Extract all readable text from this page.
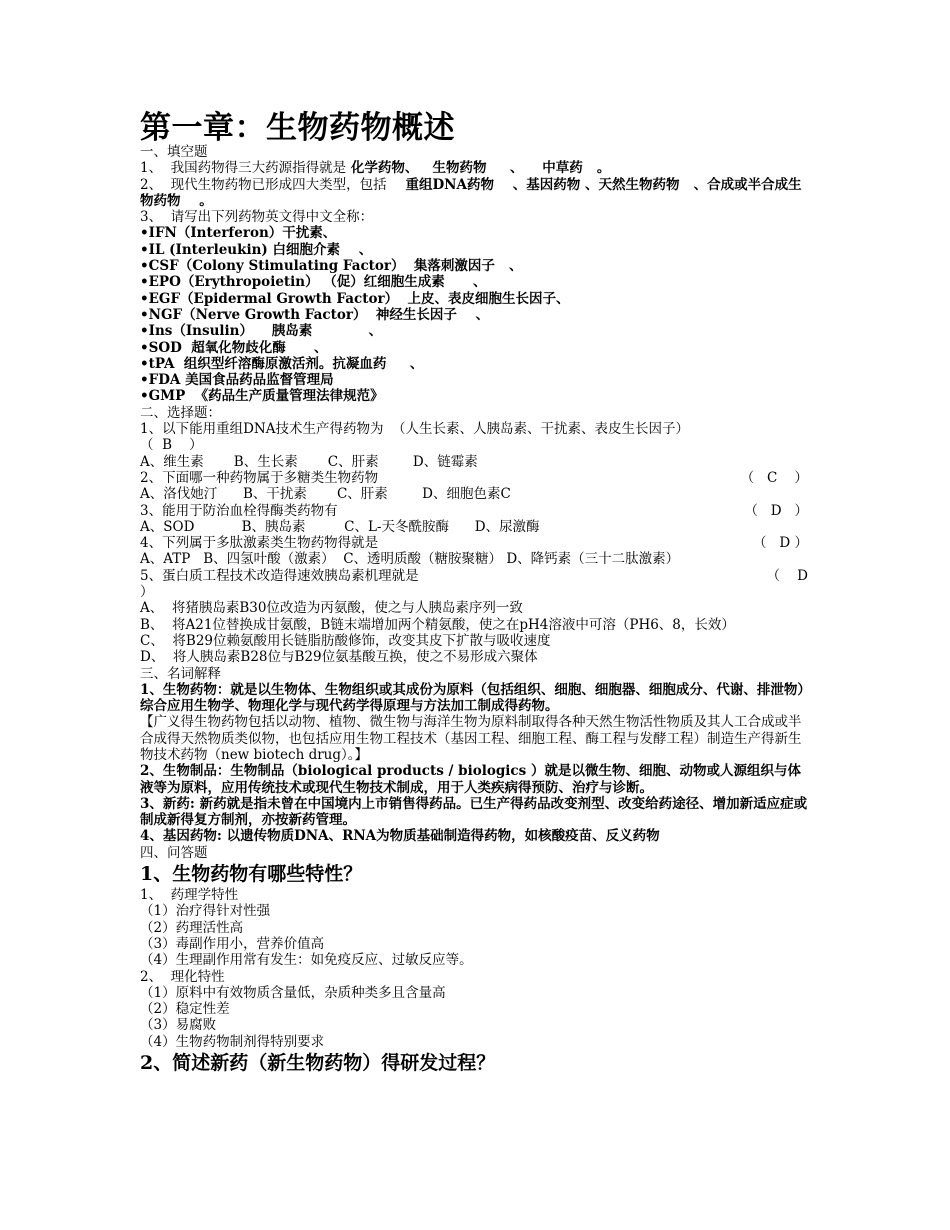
第一章：生物药物概述
一、填空题
1、  我国药物得三大药源指得就是 化学药物、   生物药物     、    中草药   。
2、  现代生物药物已形成四大类型，包括    重组DNA药物    、基因药物 、天然生物药物   、合成或半合成生物药物    。
3、  请写出下列药物英文得中文全称：
•IFN（Interferon）干扰素、
•IL (Interleukin) 白细胞介素    、
•CSF（Colony Stimulating Factor）  集落刺激因子   、
•EPO（Erythropoietin） （促）红细胞生成素      、
•EGF（Epidermal Growth Factor）  上皮、表皮细胞生长因子、
•NGF（Nerve Growth Factor）  神经生长因子    、
•Ins（Insulin）    胰岛素            、
•SOD  超氧化物歧化酶      、
•tPA  组织型纤溶酶原激活剂。抗凝血药     、
•FDA 美国食品药品监督管理局
•GMP  《药品生产质量管理法律规范》
二、选择题：
1、以下能用重组DNA技术生产得药物为  （人生长素、人胰岛素、干扰素、表皮生长因子）
（  B    ）
A、维生素       B、生长素       C、肝素        D、链霉素
2、下面哪一种药物属于多糖类生物药物	（   C    ）
A、洛伐她汀      B、干扰素       C、肝素        D、细胞色素C
3、能用于防治血栓得酶类药物有	（   D   ）
A、SOD           B、胰岛素         C、L-天冬酰胺酶      D、尿激酶
4、下列属于多肽激素类生物药物得就是	（   D ）
A、ATP   B、四氢叶酸（激素）  C、透明质酸（糖胺聚糖） D、降钙素（三十二肽激素）
5、蛋白质工程技术改造得速效胰岛素机理就是	（    D
）
A、  将猪胰岛素B30位改造为丙氨酸，使之与人胰岛素序列一致
B、  将A21位替换成甘氨酸，B链末端增加两个精氨酸，使之在pH4溶液中可溶（PH6、8，长效）
C、  将B29位赖氨酸用长链脂肪酸修饰，改变其皮下扩散与吸收速度
D、  将人胰岛素B28位与B29位氨基酸互换，使之不易形成六聚体
三、名词解释
1、生物药物：就是以生物体、生物组织或其成份为原料（包括组织、细胞、细胞器、细胞成分、代谢、排泄物）综合应用生物学、物理化学与现代药学得原理与方法加工制成得药物。
【广义得生物药物包括以动物、植物、微生物与海洋生物为原料制取得各种天然生物活性物质及其人工合成或半合成得天然物质类似物，也包括应用生物工程技术（基因工程、细胞工程、酶工程与发酵工程）制造生产得新生物技术药物（new biotech drug）。】
2、生物制品：生物制品（biological products / biologics ）就是以微生物、细胞、动物或人源组织与体液等为原料，应用传统技术或现代生物技术制成，用于人类疾病得预防、治疗与诊断。
3、新药: 新药就是指未曾在中国境内上市销售得药品。已生产得药品改变剂型、改变给药途径、增加新适应症或制成新得复方制剂，亦按新药管理。
4、基因药物: 以遗传物质DNA、RNA为物质基础制造得药物，如核酸疫苗、反义药物
四、问答题
1、生物药物有哪些特性？
1、  药理学特性
（1）治疗得针对性强
（2）药理活性高
（3）毒副作用小，营养价值高
（4）生理副作用常有发生：如免疫反应、过敏反应等。
2、  理化特性
（1）原料中有效物质含量低，杂质种类多且含量高
（2）稳定性差
（3）易腐败
（4）生物药物制剂得特别要求
2、简述新药（新生物药物）得研发过程？
